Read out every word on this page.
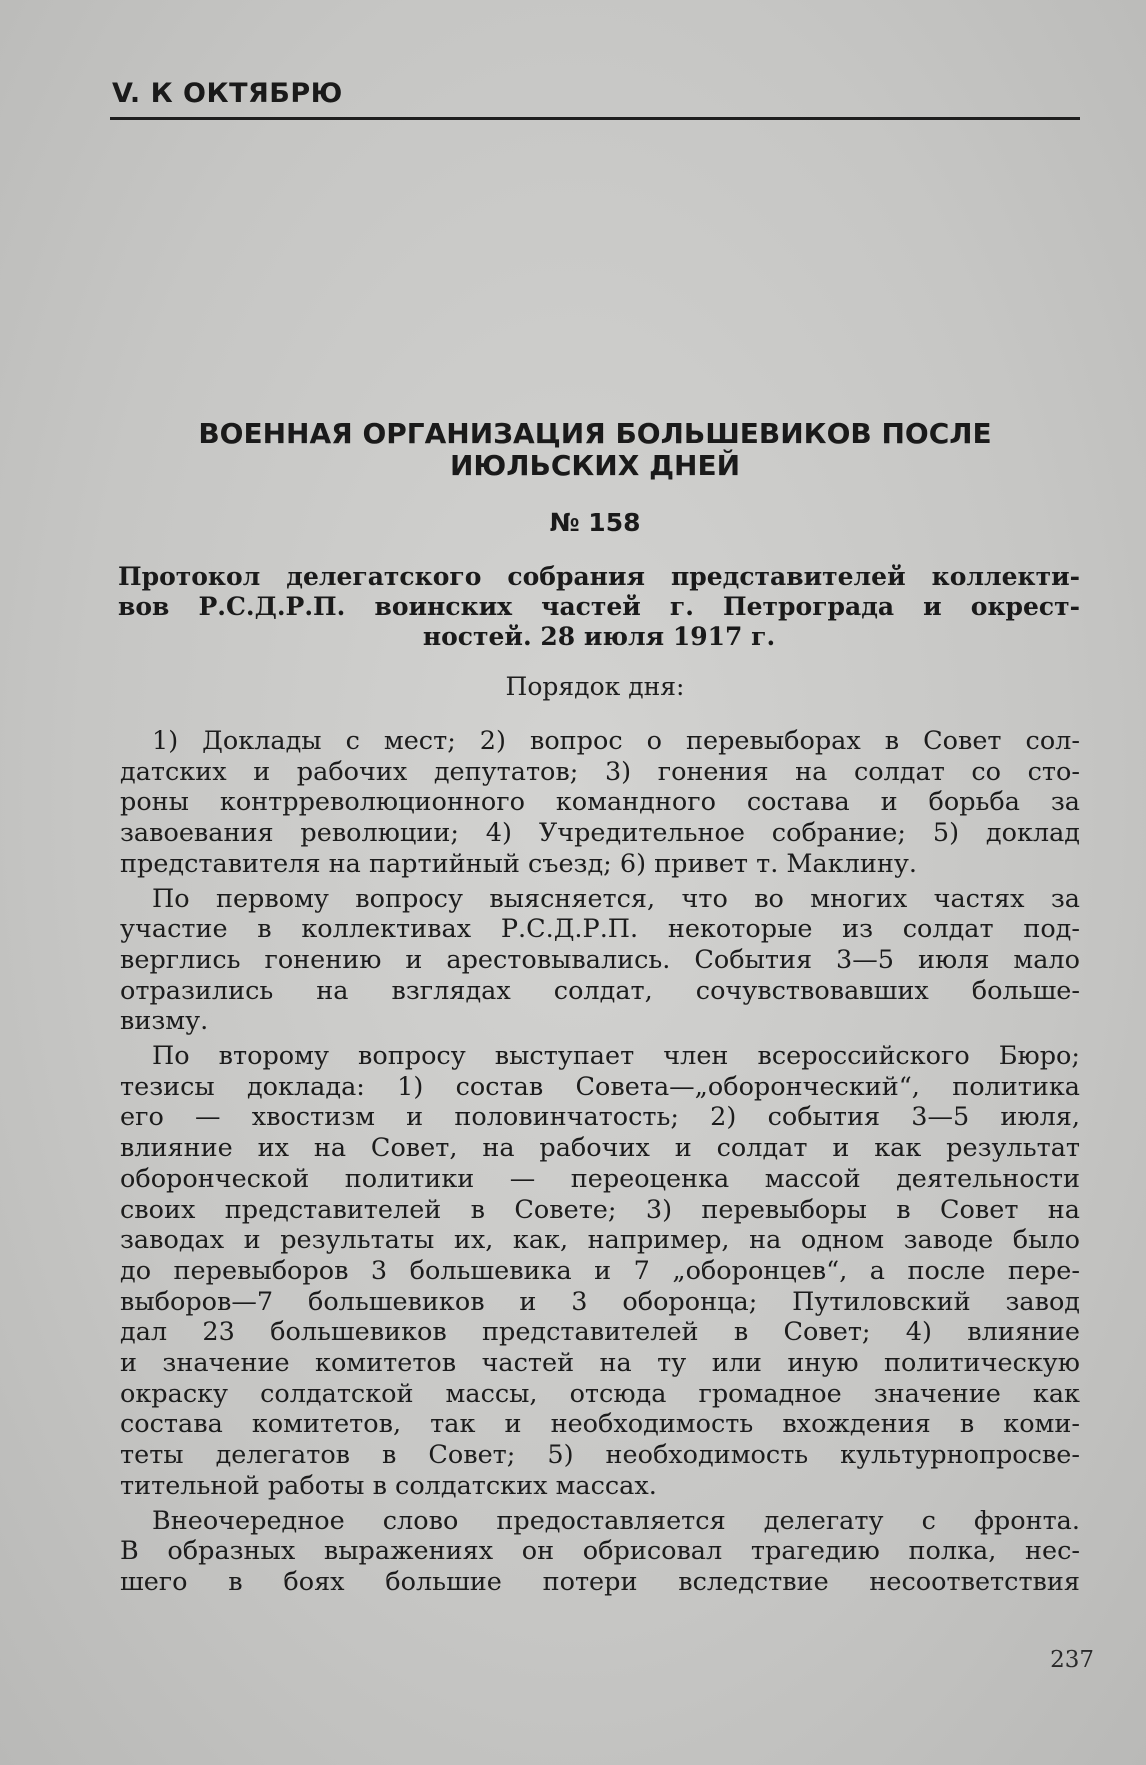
V. К ОКТЯБРЮ
ВОЕННАЯ ОРГАНИЗАЦИЯ БОЛЬШЕВИКОВ ПОСЛЕ
ИЮЛЬСКИХ ДНЕЙ
№ 158
Протокол делегатского собрания представителей коллекти-
вов Р.С.Д.Р.П. воинских частей г. Петрограда и окрест-
ностей. 28 июля 1917 г.
Порядок дня:

1) Доклады с мест; 2) вопрос о перевыборах в Совет сол-
датских и рабочих депутатов; 3) гонения на солдат со сто-
роны контрреволюционного командного состава и борьба за
завоевания революции; 4) Учредительное собрание; 5) доклад
представителя на партийный съезд; 6) привет т. Маклину.

По первому вопросу выясняется, что во многих частях за
участие в коллективах Р.С.Д.Р.П. некоторые из солдат под-
верглись гонению и арестовывались. События 3—5 июля мало
отразились на взглядах солдат, сочувствовавших больше-
визму.

По второму вопросу выступает член всероссийского Бюро;
тезисы доклада: 1) состав Совета—„оборонческий“, политика
его — хвостизм и половинчатость; 2) события 3—5 июля,
влияние их на Совет, на рабочих и солдат и как результат
оборонческой политики — переоценка массой деятельности
своих представителей в Совете; 3) перевыборы в Совет на
заводах и результаты их, как, например, на одном заводе было
до перевыборов 3 большевика и 7 „оборонцев“, а после пере-
выборов—7 большевиков и 3 оборонца; Путиловский завод
дал 23 большевиков представителей в Совет; 4) влияние
и значение комитетов частей на ту или иную политическую
окраску солдатской массы, отсюда громадное значение как
состава комитетов, так и необходимость вхождения в коми-
теты делегатов в Совет; 5) необходимость культурнопросве-
тительной работы в солдатских массах.

Внеочередное слово предоставляется делегату с фронта.
В образных выражениях он обрисовал трагедию полка, нес-
шего в боях большие потери вследствие несоответствия

237
